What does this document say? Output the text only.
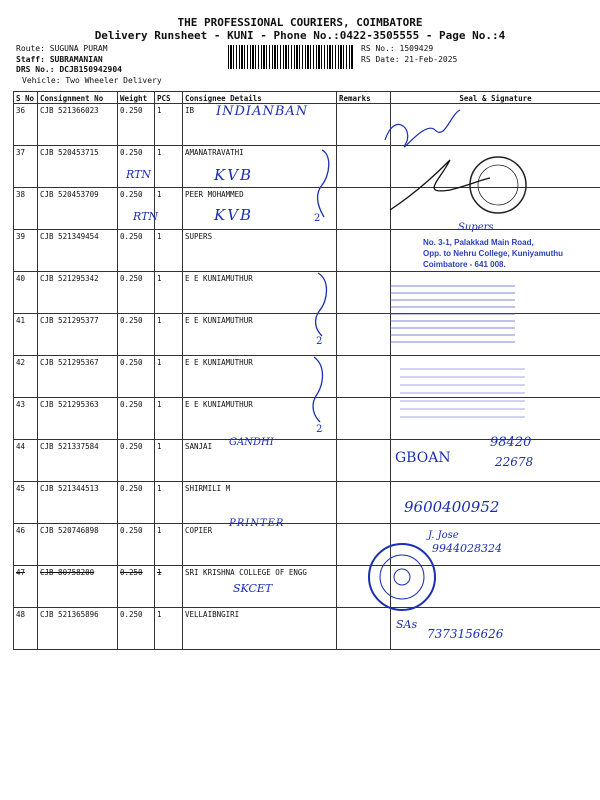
THE PROFESSIONAL COURIERS, COIMBATORE
Delivery Runsheet - KUNI - Phone No.:0422-3505555 - Page No.:4
Route: SUGUNA PURAM
Staff: SUBRAMANIAN
DRS No.: DCJB150942904
Vehicle: Two Wheeler Delivery
RS No.: 1509429
RS Date: 21-Feb-2025
S No	Consignment No	Weight	PCS	Consignee Details	Remarks	Seal & Signature
36	CJB 521366023	0.250	1	IB		
37	CJB 520453715	0.250	1	AMANATRAVATHI		
38	CJB 520453709	0.250	1	PEER MOHAMMED		
39	CJB 521349454	0.250	1	SUPERS		
40	CJB 521295342	0.250	1	E E KUNIAMUTHUR		
41	CJB 521295377	0.250	1	E E KUNIAMUTHUR		
42	CJB 521295367	0.250	1	E E KUNIAMUTHUR		
43	CJB 521295363	0.250	1	E E KUNIAMUTHUR		
44	CJB 521337584	0.250	1	SANJAI		
45	CJB 521344513	0.250	1	SHIRMILI M		
46	CJB 520746898	0.250	1	COPIER		
47	CJB 80758200	0.250	1	SRI KRISHNA COLLEGE OF ENGG		
48	CJB 521365896	0.250	1	VELLAIBNGIRI		
INDIANBAN
RTN	KVB
RTN	KVB
GANDHI
PRINTER
SKCET
2
2
2
Supers
No. 3-1, Palakkad Main Road,
Opp. to Nehru College, Kuniyamuthu
Coimbatore - 641 008.
GBOAN
98420
22678
9600400952
J. Jose
9944028324
SAs
7373156626
